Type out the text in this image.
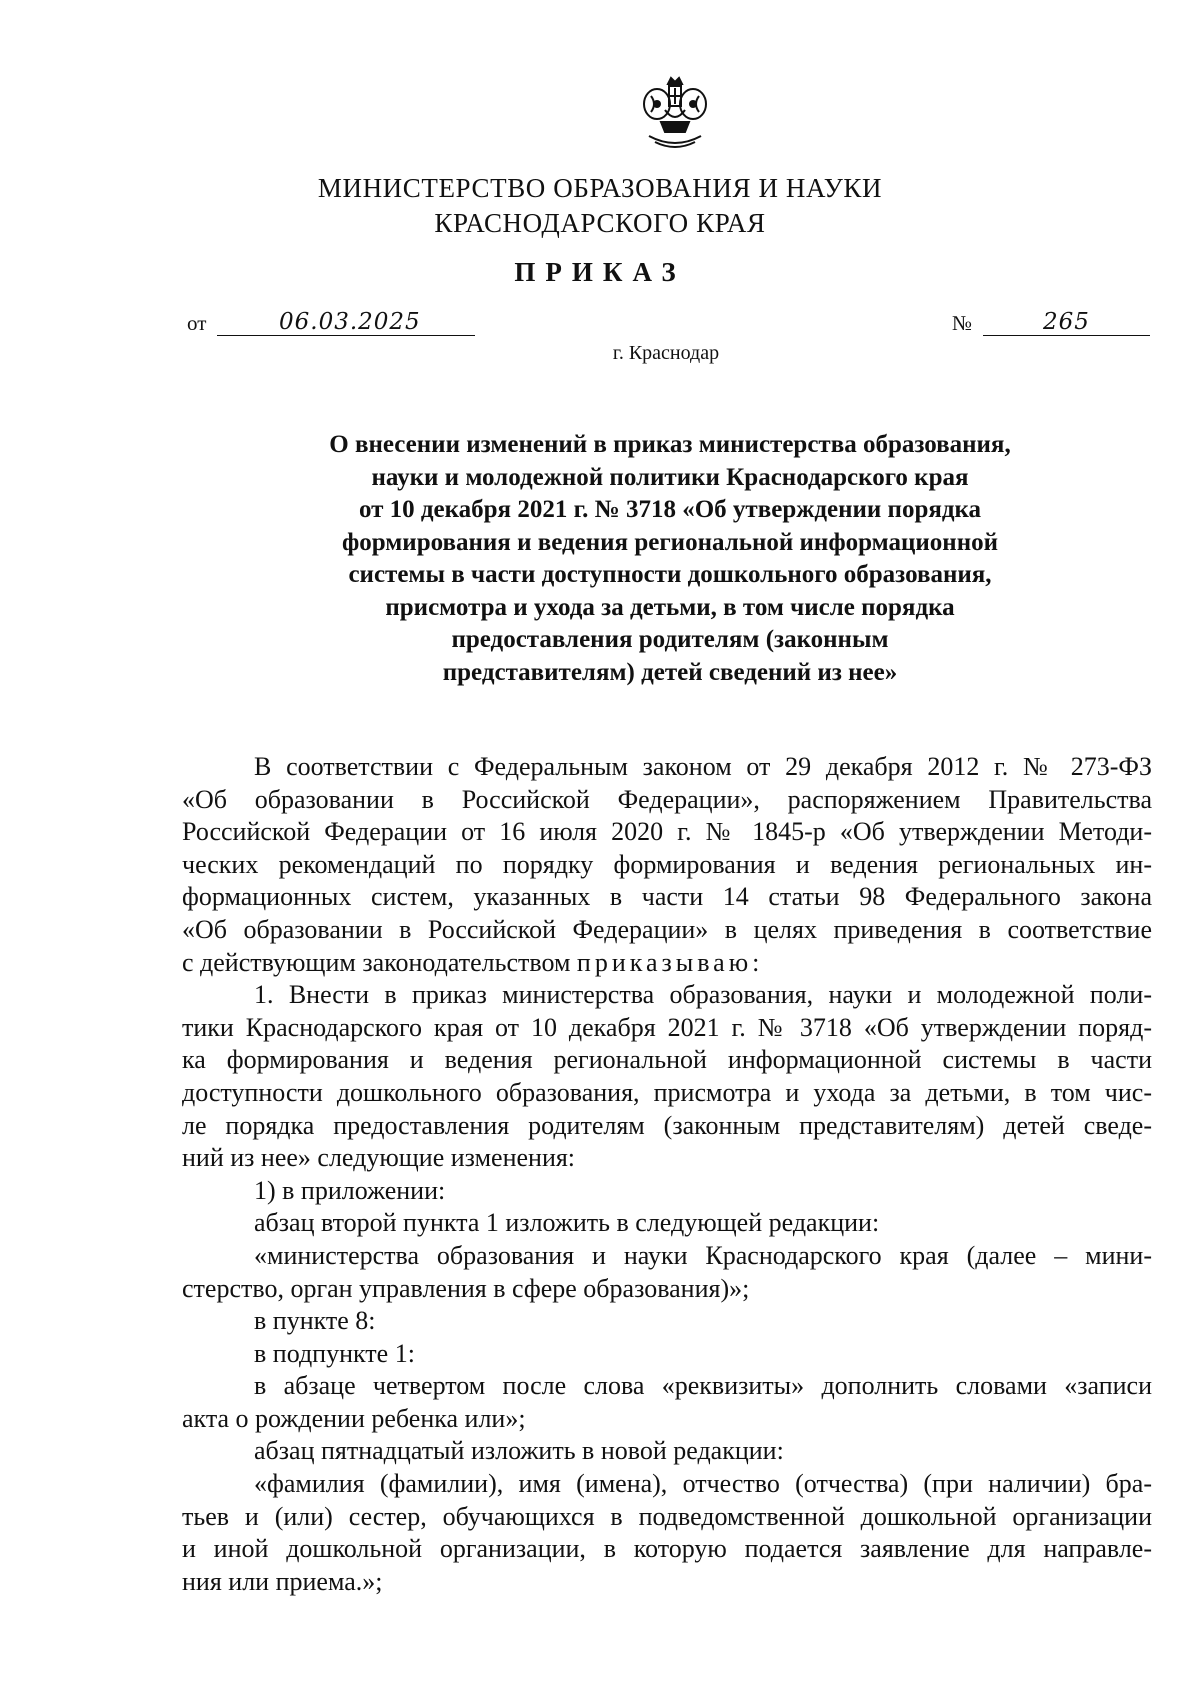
МИНИСТЕРСТВО ОБРАЗОВАНИЯ И НАУКИ
КРАСНОДАРСКОГО КРАЯ
ПРИКАЗ
от	06.03.2025	№	265
г. Краснодар
О внесении изменений в приказ министерства образования,
науки и молодежной политики Краснодарского края
от 10 декабря 2021 г. № 3718 «Об утверждении порядка
формирования и ведения региональной информационной
системы в части доступности дошкольного образования,
присмотра и ухода за детьми, в том числе порядка
предоставления родителям (законным
представителям) детей сведений из нее»

В соответствии с Федеральным законом от 29 декабря 2012 г. № 273-ФЗ

«Об образовании в Российской Федерации», распоряжением Правительства

Российской Федерации от 16 июля 2020 г. № 1845-р «Об утверждении Методи-

ческих рекомендаций по порядку формирования и ведения региональных ин-

формационных систем, указанных в части 14 статьи 98 Федерального закона

«Об образовании в Российской Федерации» в целях приведения в соответствие

с действующим законодательством приказываю:

1. Внести в приказ министерства образования, науки и молодежной поли-

тики Краснодарского края от 10 декабря 2021 г. № 3718 «Об утверждении поряд-

ка формирования и ведения региональной информационной системы в части

доступности дошкольного образования, присмотра и ухода за детьми, в том чис-

ле порядка предоставления родителям (законным представителям) детей сведе-

ний из нее» следующие изменения:

1) в приложении:

абзац второй пункта 1 изложить в следующей редакции:

«министерства образования и науки Краснодарского края (далее – мини-

стерство, орган управления в сфере образования)»;

в пункте 8:

в подпункте 1:

в абзаце четвертом после слова «реквизиты» дополнить словами «записи

акта о рождении ребенка или»;

абзац пятнадцатый изложить в новой редакции:

«фамилия (фамилии), имя (имена), отчество (отчества) (при наличии) бра-

тьев и (или) сестер, обучающихся в подведомственной дошкольной организации

и иной дошкольной организации, в которую подается заявление для направле-

ния или приема.»;
